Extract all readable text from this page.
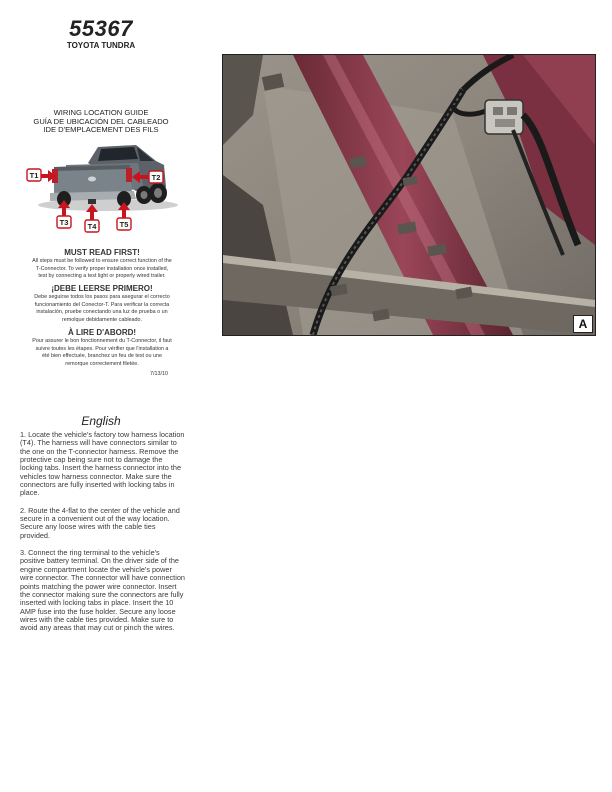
55367
TOYOTA TUNDRA
WIRING LOCATION GUIDE
GUÍA DE UBICACIÓN DEL CABLEADO
IDE D'EMPLACEMENT DES FILS
T1	T2
T3	T4	T5
MUST READ FIRST!
All steps must be followed to ensure correct function of the
T-Connector. To verify proper installation once installed,
test by connecting a test light or properly wired trailer.
¡DEBE LEERSE PRIMERO!
Debe seguirse todos los pasos para asegurar el correcto
funcionamiento del Conector-T. Para verificar la correcta
instalación, pruebe conectando una luz de prueba o un
remolque debidamente cableado.
À LIRE D'ABORD!
Pour assurer le bon fonctionnement du T-Connector, il faut
suivre toutes les étapes. Pour vérifier que l'installation a
été bien effectuée, branchez un feu de test ou une
remorque correctement filetée.
7/13/10
English

1. Locate the vehicle's factory tow harness location (T4). The harness will have connectors similar to the one on the T-connector harness. Remove the protective cap being sure not to damage the locking tabs. Insert the harness connector into the vehicles tow harness connector. Make sure the connectors are fully inserted with locking tabs in place.

2. Route the 4-flat to the center of the vehicle and secure in a convenient out of the way location. Secure any loose wires with the cable ties provided.

3. Connect the ring terminal to the vehicle's positive battery terminal. On the driver side of the engine compartment locate the vehicle's power wire connector. The connector will have connection points matching the power wire connector. Insert the connector making sure the connectors are fully inserted with locking tabs in place. Insert the 10 AMP fuse into the fuse holder. Secure any loose wires with the cable ties provided. Make sure to avoid any areas that may cut or pinch the wires.

A
